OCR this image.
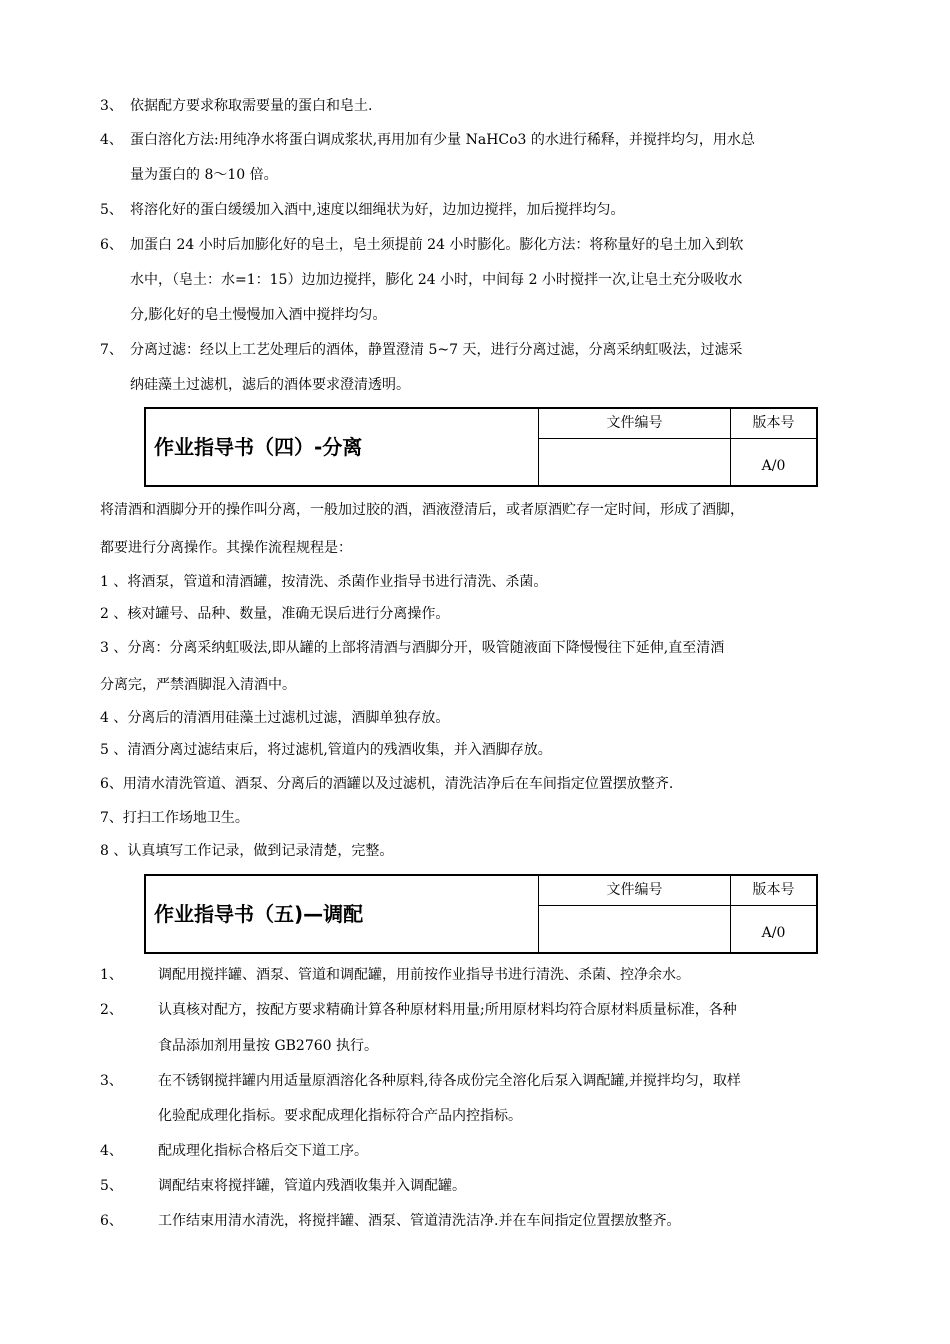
3、 依据配方要求称取需要量的蛋白和皂土.
4、 蛋白溶化方法:用纯净水将蛋白调成浆状,再用加有少量 NaHCo3 的水进行稀释，并搅拌均匀，用水总
量为蛋白的 8～10 倍。
5、 将溶化好的蛋白缓缓加入酒中,速度以细绳状为好，边加边搅拌，加后搅拌均匀。
6、 加蛋白 24 小时后加膨化好的皂土，皂土须提前 24 小时膨化。膨化方法：将称量好的皂土加入到软
水中，（皂土：水=1：15）边加边搅拌，膨化 24 小时，中间每 2 小时搅拌一次,让皂土充分吸收水
分,膨化好的皂土慢慢加入酒中搅拌均匀。
7、 分离过滤：经以上工艺处理后的酒体，静置澄清 5~7 天，进行分离过滤，分离采纳虹吸法，过滤采
纳硅藻土过滤机，滤后的酒体要求澄清透明。
作业指导书（四）-分离
文件编号	版本号
A/0
将清酒和酒脚分开的操作叫分离，一般加过胶的酒，酒液澄清后，或者原酒贮存一定时间，形成了酒脚，
都要进行分离操作。其操作流程规程是：
1 、将酒泵，管道和清酒罐，按清洗、杀菌作业指导书进行清洗、杀菌。
2 、核对罐号、品种、数量，准确无误后进行分离操作。
3 、分离：分离采纳虹吸法,即从罐的上部将清酒与酒脚分开，吸管随液面下降慢慢往下延伸,直至清酒
分离完，严禁酒脚混入清酒中。
4 、分离后的清酒用硅藻土过滤机过滤，酒脚单独存放。
5 、清酒分离过滤结束后，将过滤机,管道内的残酒收集，并入酒脚存放。
6、用清水清洗管道、酒泵、分离后的酒罐以及过滤机，清洗洁净后在车间指定位置摆放整齐.
7、打扫工作场地卫生。
8 、认真填写工作记录，做到记录清楚，完整。
作业指导书（五)—调配
文件编号	版本号
A/0
1、	调配用搅拌罐、酒泵、管道和调配罐，用前按作业指导书进行清洗、杀菌、控净余水。
2、	认真核对配方，按配方要求精确计算各种原材料用量;所用原材料均符合原材料质量标准，各种
食品添加剂用量按 GB2760 执行。
3、	在不锈钢搅拌罐内用适量原酒溶化各种原料,待各成份完全溶化后泵入调配罐,并搅拌均匀，取样
化验配成理化指标。要求配成理化指标符合产品内控指标。
4、	配成理化指标合格后交下道工序。
5、	调配结束将搅拌罐，管道内残酒收集并入调配罐。
6、	工作结束用清水清洗，将搅拌罐、酒泵、管道清洗洁净.并在车间指定位置摆放整齐。
